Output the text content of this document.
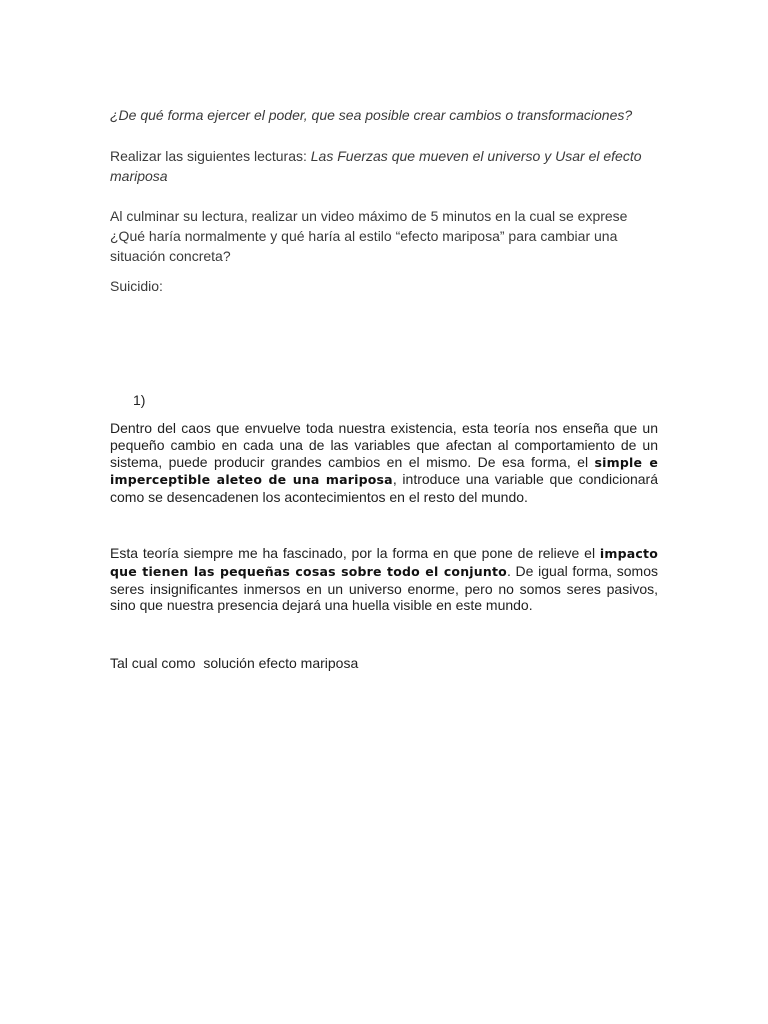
¿De qué forma ejercer el poder, que sea posible crear cambios o transformaciones?

Realizar las siguientes lecturas: Las Fuerzas que mueven el universo y Usar el efecto mariposa

Al culminar su lectura, realizar un video máximo de 5 minutos en la cual se exprese ¿Qué haría normalmente y qué haría al estilo “efecto mariposa” para cambiar una situación concreta?

Suicidio:

1)

Dentro del caos que envuelve toda nuestra existencia, esta teoría nos enseña que un pequeño cambio en cada una de las variables que afectan al comportamiento de un sistema, puede producir grandes cambios en el mismo. De esa forma, el simple e imperceptible aleteo de una mariposa, introduce una variable que condicionará como se desencadenen los acontecimientos en el resto del mundo.

Esta teoría siempre me ha fascinado, por la forma en que pone de relieve el impacto que tienen las pequeñas cosas sobre todo el conjunto. De igual forma, somos seres insignificantes inmersos en un universo enorme, pero no somos seres pasivos, sino que nuestra presencia dejará una huella visible en este mundo.

Tal cual como  solución efecto mariposa
